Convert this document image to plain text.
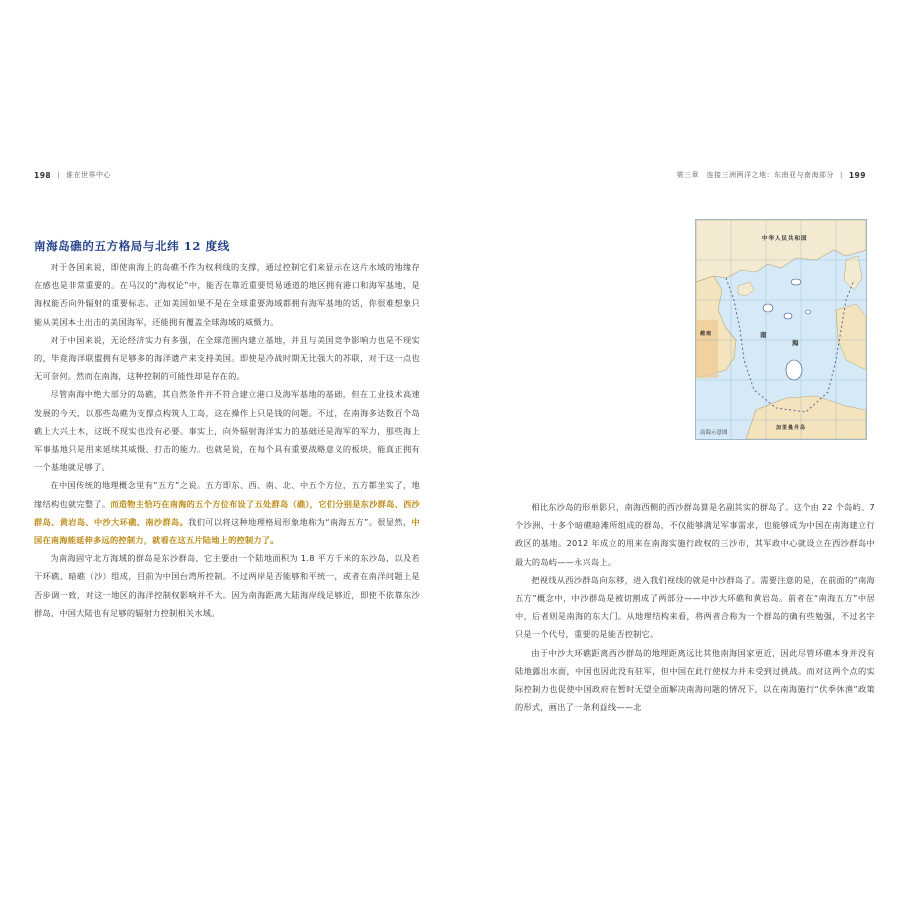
198 | 谁在世界中心
南海岛礁的五方格局与北纬 12 度线

对于各国来说，即使南海上的岛礁不作为权利线的支撑，通过控制它们来显示在这片水域的地缘存在感也是非常重要的。在马汉的“海权论”中，能否在靠近重要贸易通道的地区拥有港口和海军基地，是海权能否向外辐射的重要标志。正如美国如果不是在全球重要海域都拥有海军基地的话，你很难想象只能从美国本土出击的美国海军，还能拥有覆盖全球海域的威慑力。

对于中国来说，无论经济实力有多强，在全球范围内建立基地，并且与美国竞争影响力也是不现实的，毕竟海洋联盟拥有足够多的海洋遗产来支持美国。即使是冷战时期无比强大的苏联，对于这一点也无可奈何。然而在南海，这种控制的可能性却是存在的。

尽管南海中绝大部分的岛礁，其自然条件并不符合建立港口及海军基地的基础，但在工业技术高速发展的今天，以那些岛礁为支撑点构筑人工岛，这在操作上只是钱的问题。不过，在南海多达数百个岛礁上大兴土木，这既不现实也没有必要。事实上，向外辐射海洋实力的基础还是海军的军力，那些海上军事基地只是用来延续其威慑、打击的能力。也就是说，在每个具有重要战略意义的板块，能真正拥有一个基地就足够了。

在中国传统的地理概念里有“五方”之说。五方即东、西、南、北、中五个方位，五方都坐实了，地缘结构也就完整了。而造物主恰巧在南海的五个方位布设了五处群岛（礁），它们分别是东沙群岛、西沙群岛、黄岩岛、中沙大环礁、南沙群岛。我们可以将这种地理格局形象地称为“南海五方”。很显然，中国在南海能延伸多远的控制力，就看在这五片陆地上的控制力了。

为南海固守北方海域的群岛是东沙群岛，它主要由一个陆地面积为 1.8 平方千米的东沙岛，以及若干环礁、暗礁（沙）组成，目前为中国台湾所控制。不过两岸是否能够和平统一，或者在南洋问题上是否步调一致，对这一地区的海洋控制权影响并不大。因为南海距离大陆海岸线足够近，即使不依靠东沙群岛，中国大陆也有足够的辐射力控制相关水域。

第三章　连接三洲两洋之地：东南亚与南海部分 | 199
中华人民共和国
越南	南
海
加里曼丹岛
南海示意图

相比东沙岛的形单影只，南海西侧的西沙群岛算是名副其实的群岛了。这个由 22 个岛屿、7 个沙洲、十多个暗礁暗滩所组成的群岛，不仅能够满足军事需求，也能够成为中国在南海建立行政区的基地。2012 年成立的用来在南海实施行政权的三沙市，其军政中心就设立在西沙群岛中最大的岛屿——永兴岛上。

把视线从西沙群岛向东移，进入我们视线的就是中沙群岛了。需要注意的是，在前面的“南海五方”概念中，中沙群岛是被切割成了两部分——中沙大环礁和黄岩岛。前者在“南海五方”中居中，后者则是南海的东大门。从地理结构来看，将两者合称为一个群岛的确有些勉强，不过名字只是一个代号，重要的是能否控制它。

由于中沙大环礁距离西沙群岛的地理距离远比其他南海国家更近，因此尽管环礁本身并没有陆地露出水面，中国也因此没有驻军，但中国在此行使权力并未受到过挑战。而对这两个点的实际控制力也促使中国政府在暂时无望全面解决南海问题的情况下，以在南海施行“伏季休渔”政策的形式，画出了一条利益线——北
